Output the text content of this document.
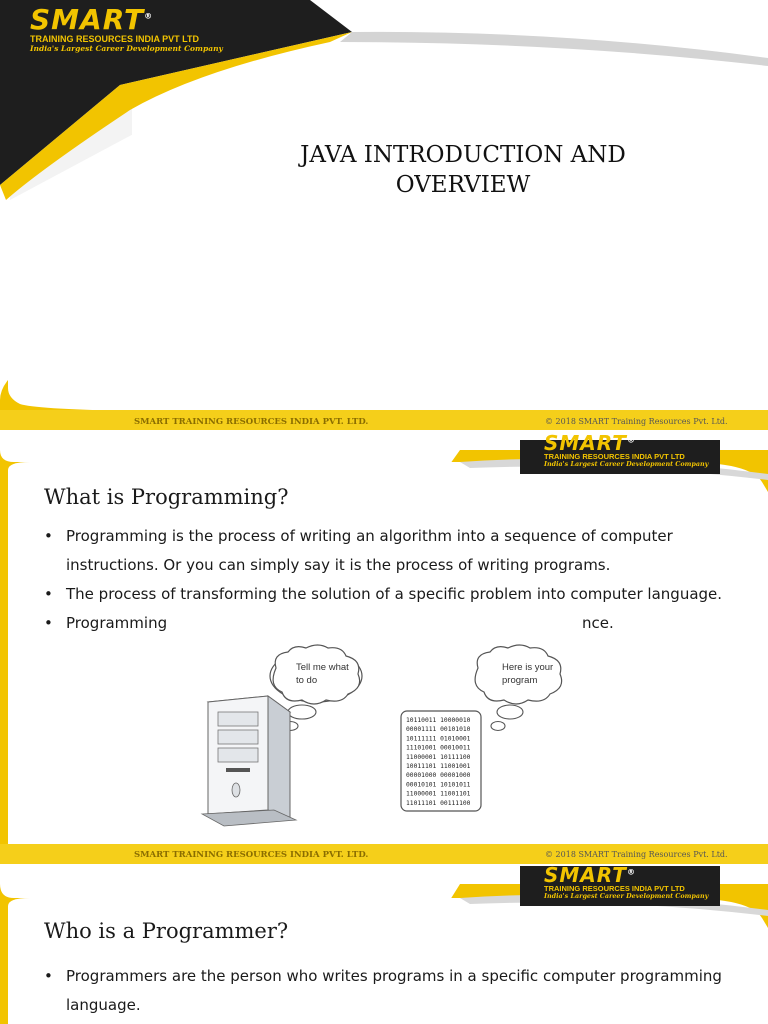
SMART®
TRAINING RESOURCES INDIA PVT LTD
India's Largest Career Development Company
JAVA INTRODUCTION AND
OVERVIEW
SMART TRAINING RESOURCES INDIA PVT. LTD.	© 2018 SMART Training Resources Pvt. Ltd.
SMART®
TRAINING RESOURCES INDIA PVT LTD
India's Largest Career Development Company
What is Programming?
• Programming is the process of writing an algorithm into a sequence of computer instructions. Or you can simply say it is the process of writing programs.
• The process of transforming the solution of a specific problem into computer language.
• Programming	nce.
Tell me what
to do
Here is your
program
10110011 10000010
00001111 00101010
10111111 01010001
11101001 00010011
11000001 10111100
10011101 11001001
00001000 00001000
00010101 10101011
11000001 11001101
11011101 00111100
SMART TRAINING RESOURCES INDIA PVT. LTD.	© 2018 SMART Training Resources Pvt. Ltd.
SMART®
TRAINING RESOURCES INDIA PVT LTD
India's Largest Career Development Company
Who is a Programmer?
• Programmers are the person who writes programs in a specific computer programming language.
